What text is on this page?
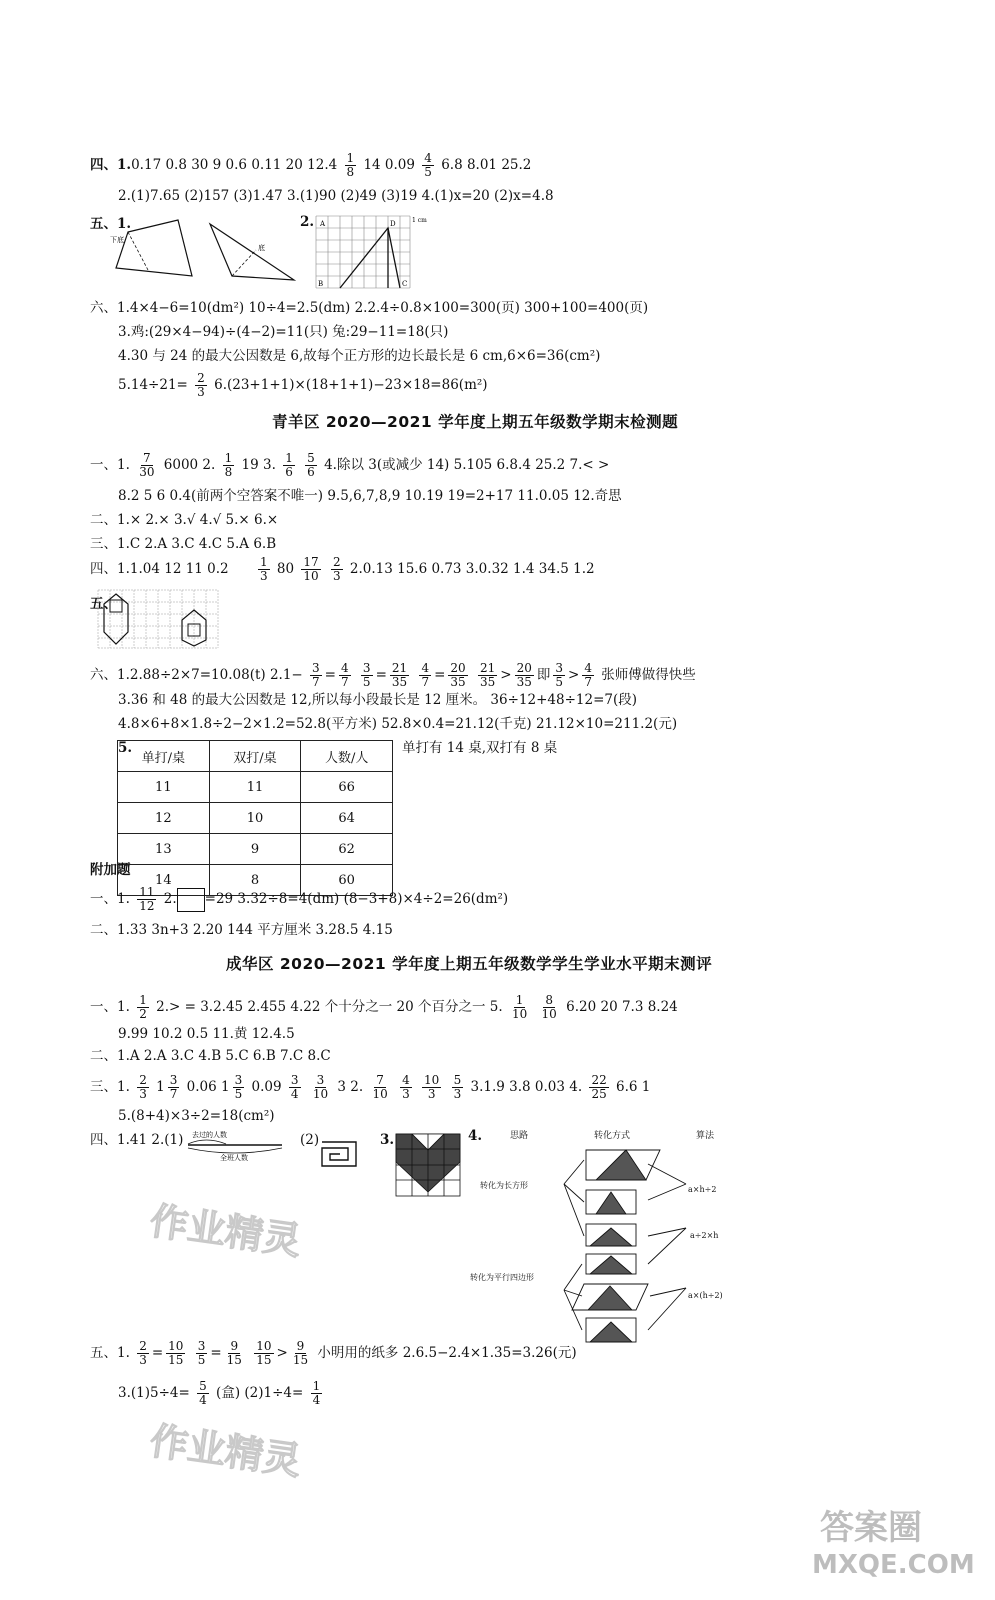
四、1.0.17 0.8 30 9 0.6 0.11 20 $12.4 \frac{1}{8} 14$ $0.09 \frac{4}{5} 6.8$ 8.01 25.2
2.(1)7.65 (2)157 (3)1.47 3.(1)90 (2)49 (3)19 4.(1)x=20 (2)x=4.8
五、1.
下底
底
2.	1 cm
A
B	C
D
六、1.4×4−6=10(dm²) 10÷4=2.5(dm) 2.2.4÷0.8×100=300(页) 300+100=400(页)
3.鸡:(29×4−94)÷(4−2)=11(只) 兔:29−11=18(只)
4.30 与 24 的最大公因数是 6,故每个正方形的边长最长是 6 cm,6×6=36(cm²)
$5.14\div 21= \frac{2}{3} 6.(23+1+1)\times(18+1+1)-23\times 18=86(m^2)$
青羊区 2020—2021 学年度上期五年级数学期末检测题
一、1. $\frac{7}{30} 6000$ 2. $\frac{1}{8} 19$ 3. $\frac{1}{6}$
$\frac{5}{6} 4$.除以 3(或减少 14) 5.105 6.8.4 25.2 7.< >
8.2 5 6 0.4(前两个空答案不唯一) 9.5,6,7,8,9 10.19 19=2+17 11.0.05 12.奇思
二、1.× 2.× 3.√ 4.√ 5.× 6.×
三、1.C 2.A 3.C 4.C 5.A 6.B
四、1.1.04 12 11 $0.2 \frac{1}{3} 80 \frac{17}{10}$
$\frac{2}{3} 2.0.13$ 15.6 0.73 3.0.32 1.4 34.5 1.2
五、
六、1.2.88÷2×7=10.08(t) $2.1- \frac{3}{7} = \frac{4}{7}$
$\frac{3}{5} = \frac{21}{35}$
$\frac{4}{7} = \frac{20}{35}$
$\frac{21}{35} > \frac{20}{35}$ 即 $\frac{3}{5} > \frac{4}{7}$ 张师傅做得快些
3.36 和 48 的最大公因数是 12,所以每小段最长是 12 厘米。 36÷12+48÷12=7(段)
4.8×6+8×1.8÷2−2×1.2=52.8(平方米) 52.8×0.4=21.12(千克) 21.12×10=211.2(元)
5.
单打/桌	双打/桌	人数/人
11	11	66
12	10	64
13	9	62
14	8	60
单打有 14 桌,双打有 8 桌
附加题
一、1. $\frac{11}{12} 2$. =29 3.32÷8=4(dm) (8−3+8)×4÷2=26(dm²)
二、1.33 3n+3 2.20 144 平方厘米 3.28.5 4.15
成华区 2020—2021 学年度上期五年级数学学生学业水平期末测评
一、1. $\frac{1}{2} 2.>$ = 3.2.4̇5̇ 2.455 4.22 个十分之一 20 个百分之一 5. $\frac{1}{10}$
$\frac{8}{10} 6.20$ 20 7.3 8.24
9.99 10.2 0.5 11.黄 12.4.5
二、1.A 2.A 3.C 4.B 5.C 6.B 7.C 8.C
三、1. $\frac{2}{3} 1 \frac{3}{7} 0.06$ $1 \frac{3}{5} 0.09 \frac{3}{4}$
$\frac{3}{10} 3$ 2. $\frac{7}{10}$
$\frac{4}{3}$
$\frac{10}{3}$
$\frac{5}{3} 3.1.9$ 3.8 0.03 4. $\frac{22}{25} 6.6$ 1
5.(8+4)×3÷2=18(cm²)
四、1.41 2.(1) 去过的人数
全班人数
(2)	3.	4.	思路	转化方式	算法
转化为长方形
转化为平行四边形
a×h÷2
a÷2×h
a×(h÷2)
五、1. $\frac{2}{3} = \frac{10}{15}$
$\frac{3}{5} = \frac{9}{15}$
$\frac{10}{15} > \frac{9}{15}$ 小明用的纸多 2.6.5−2.4×1.35=3.26(元)
$3.(1)5\div 4= \frac{5}{4}$ (盒) $(2)1\div 4= \frac{1}{4}$
作业精灵
作业精灵
答案圈
MXQE.COM
